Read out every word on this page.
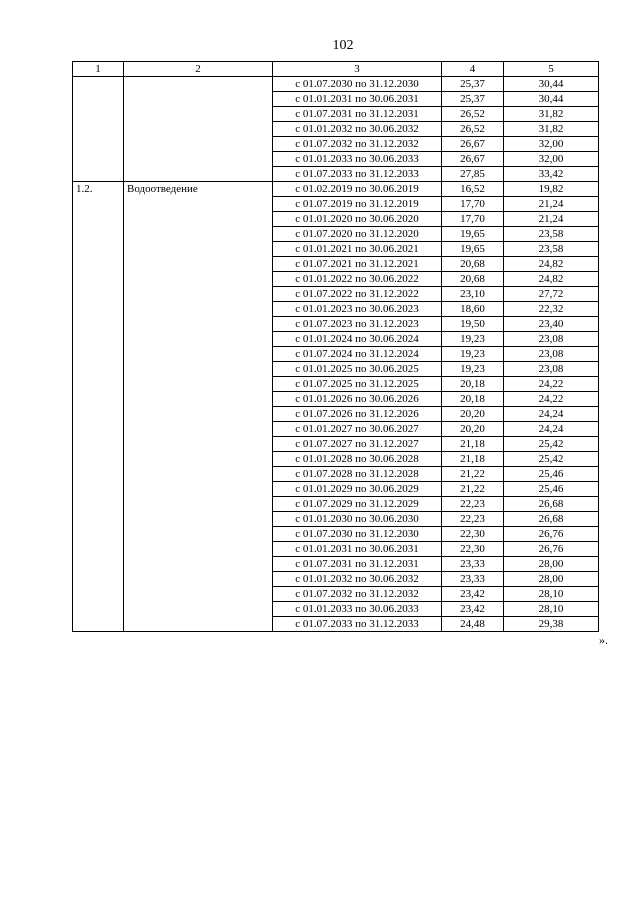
102
1	2	3	4	5
		с 01.07.2030 по 31.12.2030	25,37	30,44
		с 01.01.2031 по 30.06.2031	25,37	30,44
		с 01.07.2031 по 31.12.2031	26,52	31,82
		с 01.01.2032 по 30.06.2032	26,52	31,82
		с 01.07.2032 по 31.12.2032	26,67	32,00
		с 01.01.2033 по 30.06.2033	26,67	32,00
		с 01.07.2033 по 31.12.2033	27,85	33,42
1.2.	Водоотведение	с 01.02.2019 по 30.06.2019	16,52	19,82
		с 01.07.2019 по 31.12.2019	17,70	21,24
		с 01.01.2020 по 30.06.2020	17,70	21,24
		с 01.07.2020 по 31.12.2020	19,65	23,58
		с 01.01.2021 по 30.06.2021	19,65	23,58
		с 01.07.2021 по 31.12.2021	20,68	24,82
		с 01.01.2022 по 30.06.2022	20,68	24,82
		с 01.07.2022 по 31.12.2022	23,10	27,72
		с 01.01.2023 по 30.06.2023	18,60	22,32
		с 01.07.2023 по 31.12.2023	19,50	23,40
		с 01.01.2024 по 30.06.2024	19,23	23,08
		с 01.07.2024 по 31.12.2024	19,23	23,08
		с 01.01.2025 по 30.06.2025	19,23	23,08
		с 01.07.2025 по 31.12.2025	20,18	24,22
		с 01.01.2026 по 30.06.2026	20,18	24,22
		с 01.07.2026 по 31.12.2026	20,20	24,24
		с 01.01.2027 по 30.06.2027	20,20	24,24
		с 01.07.2027 по 31.12.2027	21,18	25,42
		с 01.01.2028 по 30.06.2028	21,18	25,42
		с 01.07.2028 по 31.12.2028	21,22	25,46
		с 01.01.2029 по 30.06.2029	21,22	25,46
		с 01.07.2029 по 31.12.2029	22,23	26,68
		с 01.01.2030 по 30.06.2030	22,23	26,68
		с 01.07.2030 по 31.12.2030	22,30	26,76
		с 01.01.2031 по 30.06.2031	22,30	26,76
		с 01.07.2031 по 31.12.2031	23,33	28,00
		с 01.01.2032 по 30.06.2032	23,33	28,00
		с 01.07.2032 по 31.12.2032	23,42	28,10
		с 01.01.2033 по 30.06.2033	23,42	28,10
		с 01.07.2033 по 31.12.2033	24,48	29,38
».
